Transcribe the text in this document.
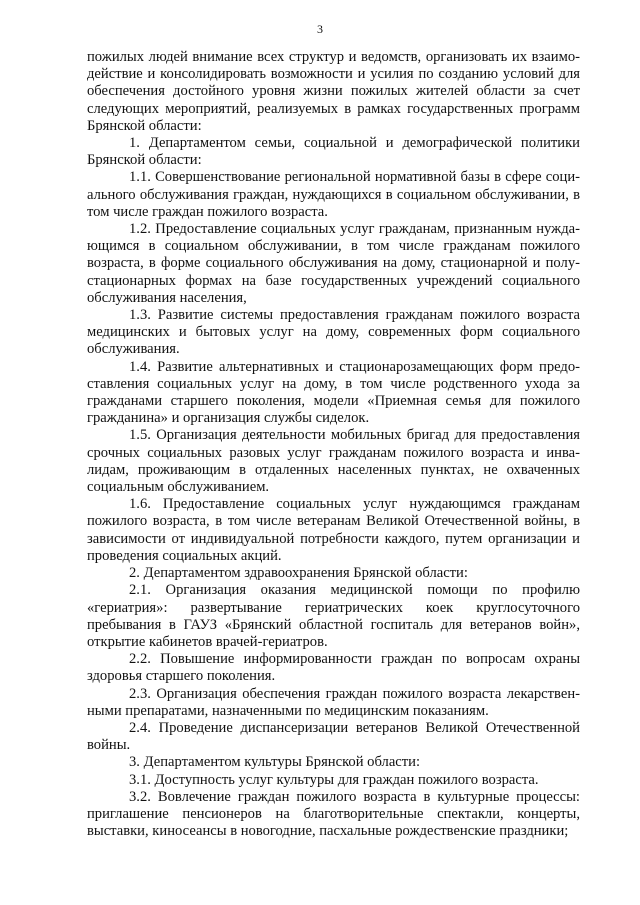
3

пожилых людей внимание всех структур и ведомств, организовать их взаимодействие и консолидировать возможности и усилия по созданию условий для обеспечения достойного уровня жизни пожилых жителей области за счет следующих мероприятий, реализуемых в рамках государственных программ Брянской области:

1. Департаментом семьи, социальной и демографической политики Брянской области:

1.1. Совершенствование региональной нормативной базы в сфере социального обслуживания граждан, нуждающихся в социальном обслуживании, в том числе граждан пожилого возраста.

1.2. Предоставление социальных услуг гражданам, признанным нуждающимся в социальном обслуживании, в том числе гражданам пожилого возраста, в форме социального обслуживания на дому, стационарной и полустационарных формах на базе государственных учреждений социального обслуживания населения,

1.3. Развитие системы предоставления гражданам пожилого возраста медицинских и бытовых услуг на дому, современных форм социального обслуживания.

1.4. Развитие альтернативных и стационарозамещающих форм предоставления социальных услуг на дому, в том числе родственного ухода за гражданами старшего поколения, модели «Приемная семья для пожилого гражданина» и организация службы сиделок.

1.5. Организация деятельности мобильных бригад для предоставления срочных социальных разовых услуг гражданам пожилого возраста и инвалидам, проживающим в отдаленных населенных пунктах, не охваченных социальным обслуживанием.

1.6. Предоставление социальных услуг нуждающимся гражданам пожилого возраста, в том числе ветеранам Великой Отечественной войны, в зависимости от индивидуальной потребности каждого, путем организации и проведения социальных акций.

2. Департаментом здравоохранения Брянской области:

2.1. Организация оказания медицинской помощи по профилю «гериатрия»: развертывание гериатрических коек круглосуточного пребывания в ГАУЗ «Брянский областной госпиталь для ветеранов войн», открытие кабинетов врачей-гериатров.

2.2. Повышение информированности граждан по вопросам охраны здоровья старшего поколения.

2.3. Организация обеспечения граждан пожилого возраста лекарственными препаратами, назначенными по медицинским показаниям.

2.4. Проведение диспансеризации ветеранов Великой Отечественной войны.

3. Департаментом культуры Брянской области:

3.1. Доступность услуг культуры для граждан пожилого возраста.

3.2. Вовлечение граждан пожилого возраста в культурные процессы: приглашение пенсионеров на благотворительные спектакли, концерты, выставки, киносеансы в новогодние, пасхальные рождественские праздники;
